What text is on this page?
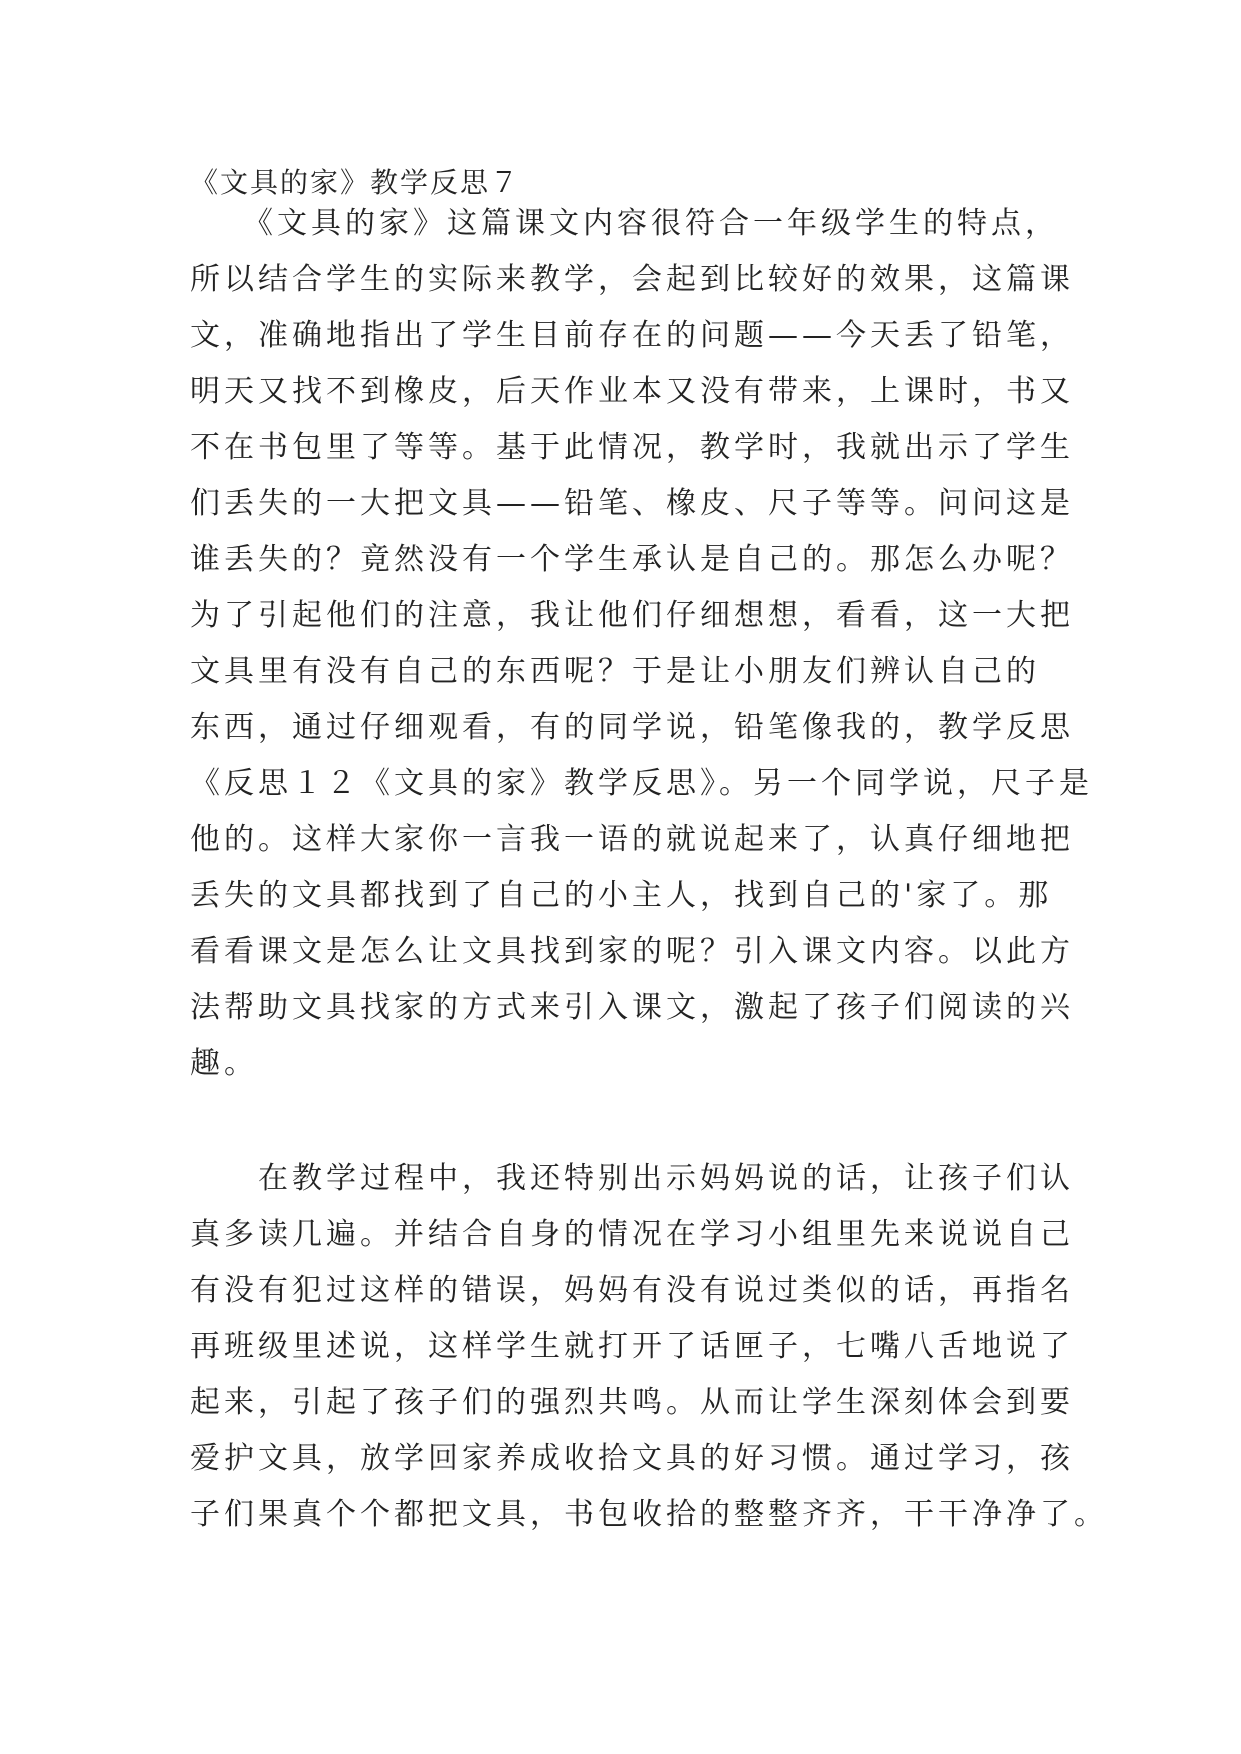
《文具的家》教学反思７
　　《文具的家》这篇课文内容很符合一年级学生的特点，
所以结合学生的实际来教学，会起到比较好的效果，这篇课
文，准确地指出了学生目前存在的问题——今天丢了铅笔，
明天又找不到橡皮，后天作业本又没有带来，上课时，书又
不在书包里了等等。基于此情况，教学时，我就出示了学生
们丢失的一大把文具——铅笔、橡皮、尺子等等。问问这是
谁丢失的？竟然没有一个学生承认是自己的。那怎么办呢？
为了引起他们的注意，我让他们仔细想想，看看，这一大把
文具里有没有自己的东西呢？于是让小朋友们辨认自己的
东西，通过仔细观看，有的同学说，铅笔像我的，教学反思
《反思１２《文具的家》教学反思》。另一个同学说，尺子是
他的。这样大家你一言我一语的就说起来了，认真仔细地把
丢失的文具都找到了自己的小主人，找到自己的'家了。那
看看课文是怎么让文具找到家的呢？引入课文内容。以此方
法帮助文具找家的方式来引入课文，激起了孩子们阅读的兴
趣。
　　在教学过程中，我还特别出示妈妈说的话，让孩子们认
真多读几遍。并结合自身的情况在学习小组里先来说说自己
有没有犯过这样的错误，妈妈有没有说过类似的话，再指名
再班级里述说，这样学生就打开了话匣子，七嘴八舌地说了
起来，引起了孩子们的强烈共鸣。从而让学生深刻体会到要
爱护文具，放学回家养成收拾文具的好习惯。通过学习，孩
子们果真个个都把文具，书包收拾的整整齐齐，干干净净了。
